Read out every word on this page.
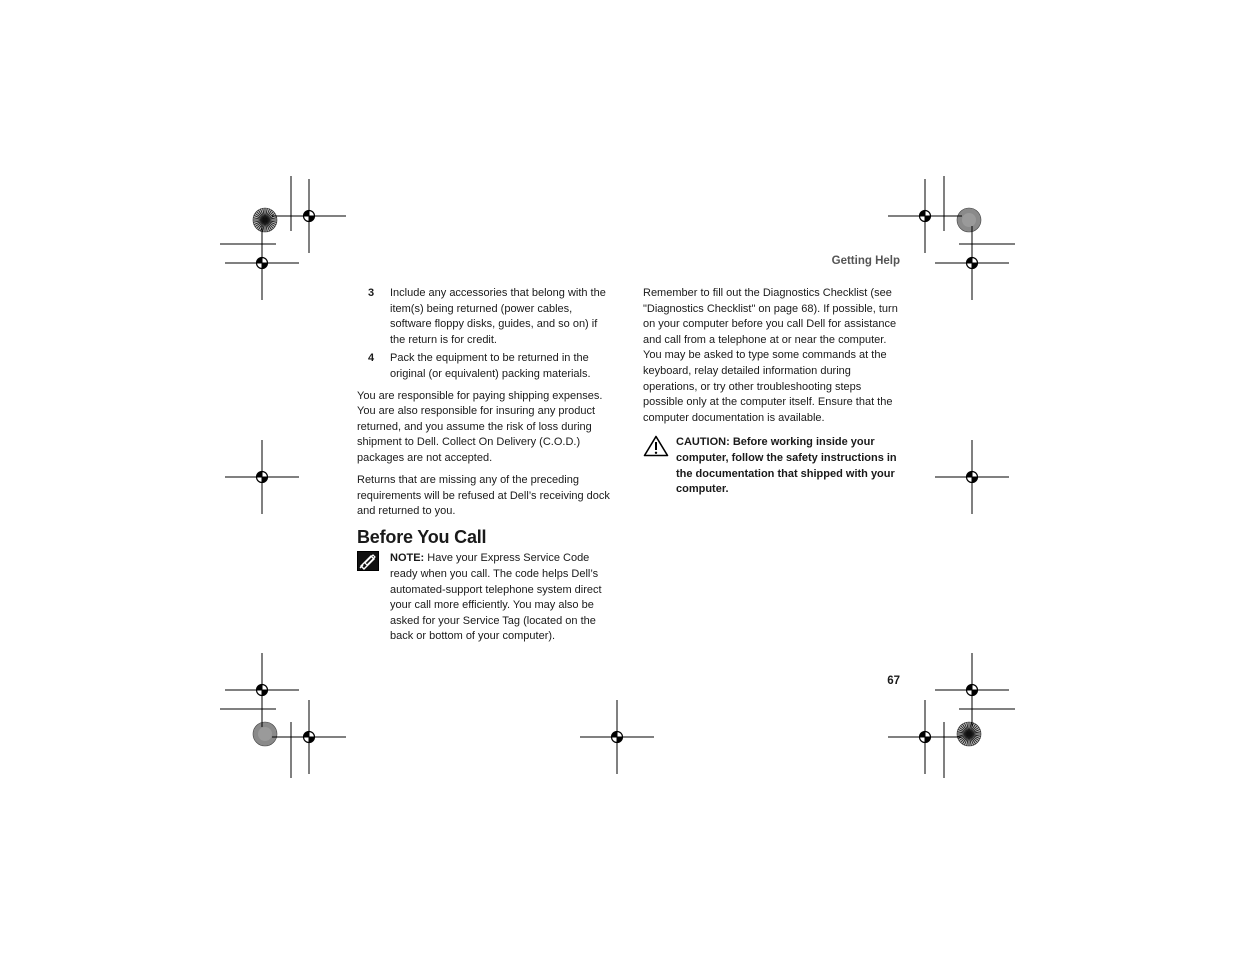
Getting Help
3	Include any accessories that belong with the item(s) being returned (power cables, software floppy disks, guides, and so on) if the return is for credit.
4	Pack the equipment to be returned in the original (or equivalent) packing materials.

You are responsible for paying shipping expenses. You are also responsible for insuring any product returned, and you assume the risk of loss during shipment to Dell. Collect On Delivery (C.O.D.) packages are not accepted.

Returns that are missing any of the preceding requirements will be refused at Dell’s receiving dock and returned to you.

Before You Call
NOTE: Have your Express Service Code ready when you call. The code helps Dell’s automated-support telephone system direct your call more efficiently. You may also be asked for your Service Tag (located on the back or bottom of your computer).

Remember to fill out the Diagnostics Checklist (see "Diagnostics Checklist" on page 68). If possible, turn on your computer before you call Dell for assistance and call from a telephone at or near the computer. You may be asked to type some commands at the keyboard, relay detailed information during operations, or try other troubleshooting steps possible only at the computer itself. Ensure that the computer documentation is available.

CAUTION: Before working inside your computer, follow the safety instructions in the documentation that shipped with your computer.
67
